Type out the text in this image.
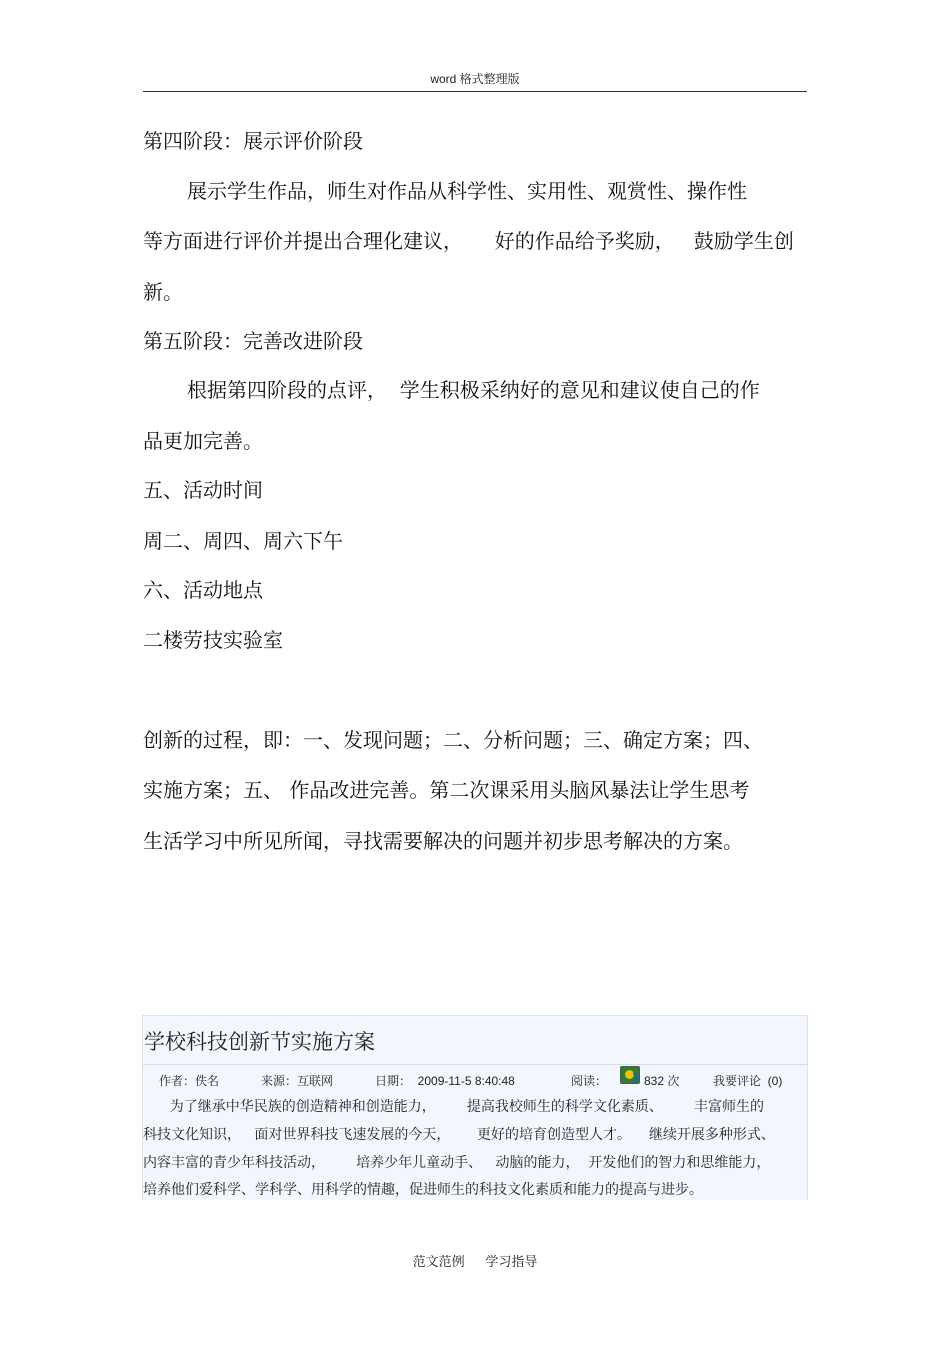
word 格式整理版
第四阶段：展示评价阶段
展示学生作品，师生对作品从科学性、实用性、观赏性、操作性
等方面进行评价并提出合理化建议，     好的作品给予奖励，   鼓励学生创
新。
第五阶段：完善改进阶段
根据第四阶段的点评，  学生积极采纳好的意见和建议使自己的作
品更加完善。
五、活动时间
周二、周四、周六下午
六、活动地点
二楼劳技实验室
创新的过程，即：一、发现问题；二、分析问题；三、确定方案；四、
实施方案；五、 作品改进完善。第二次课采用头脑风暴法让学生思考
生活学习中所见所闻，寻找需要解决的问题并初步思考解决的方案。
学校科技创新节实施方案
作者：佚名	来源：互联网	日期：  2009-11-5 8:40:48	阅读：	832 次	我要评论  (0)
为了继承中华民族的创造精神和创造能力，       提高我校师生的科学文化素质、       丰富师生的
科技文化知识，   面对世界科技飞速发展的今天，      更好的培育创造型人才。    继续开展多种形式、
内容丰富的青少年科技活动，       培养少年儿童动手、   动脑的能力，  开发他们的智力和思维能力，
培养他们爱科学、学科学、用科学的情趣，促进师生的科技文化素质和能力的提高与进步。
范文范例     学习指导
